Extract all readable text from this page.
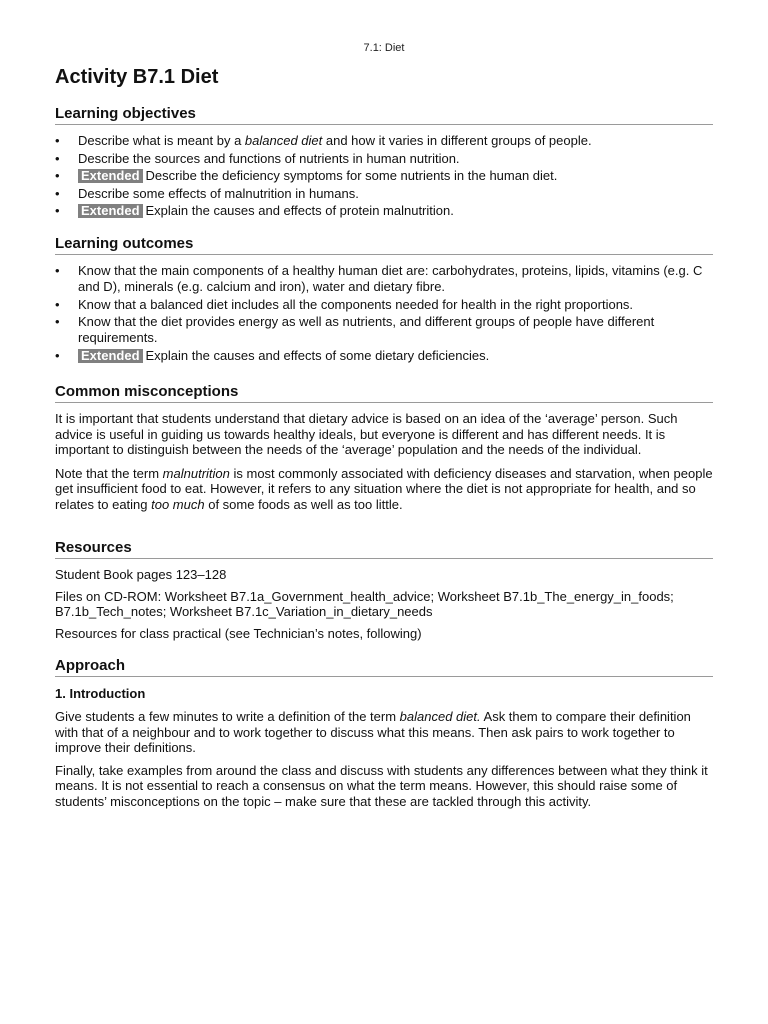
7.1: Diet
Activity B7.1 Diet
Learning objectives
• Describe what is meant by a balanced diet and how it varies in different groups of people.
• Describe the sources and functions of nutrients in human nutrition.
• Extended Describe the deficiency symptoms for some nutrients in the human diet.
• Describe some effects of malnutrition in humans.
• Extended Explain the causes and effects of protein malnutrition.
Learning outcomes
• Know that the main components of a healthy human diet are: carbohydrates, proteins, lipids, vitamins (e.g. C and D), minerals (e.g. calcium and iron), water and dietary fibre.
• Know that a balanced diet includes all the components needed for health in the right proportions.
• Know that the diet provides energy as well as nutrients, and different groups of people have different requirements.
• Extended Explain the causes and effects of some dietary deficiencies.
Common misconceptions

It is important that students understand that dietary advice is based on an idea of the ‘average’ person. Such advice is useful in guiding us towards healthy ideals, but everyone is different and has different needs. It is important to distinguish between the needs of the ‘average’ population and the needs of the individual.

Note that the term malnutrition is most commonly associated with deficiency diseases and starvation, when people get insufficient food to eat. However, it refers to any situation where the diet is not appropriate for health, and so relates to eating too much of some foods as well as too little.

Resources

Student Book pages 123–128

Files on CD-ROM: Worksheet B7.1a_Government_health_advice; Worksheet B7.1b_The_energy_in_foods; B7.1b_Tech_notes; Worksheet B7.1c_Variation_in_dietary_needs

Resources for class practical (see Technician’s notes, following)

Approach
1. Introduction

Give students a few minutes to write a definition of the term balanced diet. Ask them to compare their definition with that of a neighbour and to work together to discuss what this means. Then ask pairs to work together to improve their definitions.

Finally, take examples from around the class and discuss with students any differences between what they think it means. It is not essential to reach a consensus on what the term means. However, this should raise some of students’ misconceptions on the topic – make sure that these are tackled through this activity.
